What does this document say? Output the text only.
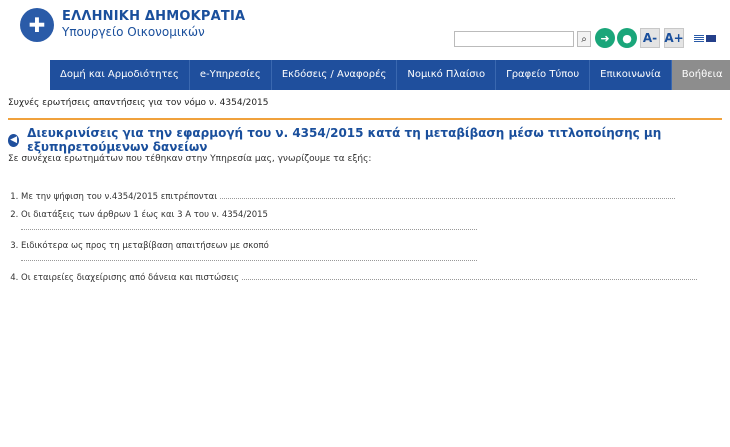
✚	ΕΛΛΗΝΙΚΗ ΔΗΜΟΚΡΑΤΙΑ
Υπουργείο Οικονομικών
⌕ ➜ ● A- A+
Δομή και Αρμοδιότητες	e-Υπηρεσίες	Εκδόσεις / Αναφορές	Νομικό Πλαίσιο	Γραφείο Τύπου	Επικοινωνία	Βοήθεια
Συχνές ερωτήσεις απαντήσεις για τον νόμο ν. 4354/2015
◀ Διευκρινίσεις για την εφαρμογή του ν. 4354/2015 κατά τη μεταβίβαση μέσω τιτλοποίησης μη εξυπηρετούμενων δανείων
Σε συνέχεια ερωτημάτων που τέθηκαν στην Υπηρεσία μας, γνωρίζουμε τα εξής:
1. Με την ψήφιση του ν.4354/2015 επιτρέπονται
2. Οι διατάξεις των άρθρων 1 έως και 3 Α του ν. 4354/2015
3. Ειδικότερα ως προς τη μεταβίβαση απαιτήσεων με σκοπό
4. Οι εταιρείες διαχείρισης από δάνεια και πιστώσεις
